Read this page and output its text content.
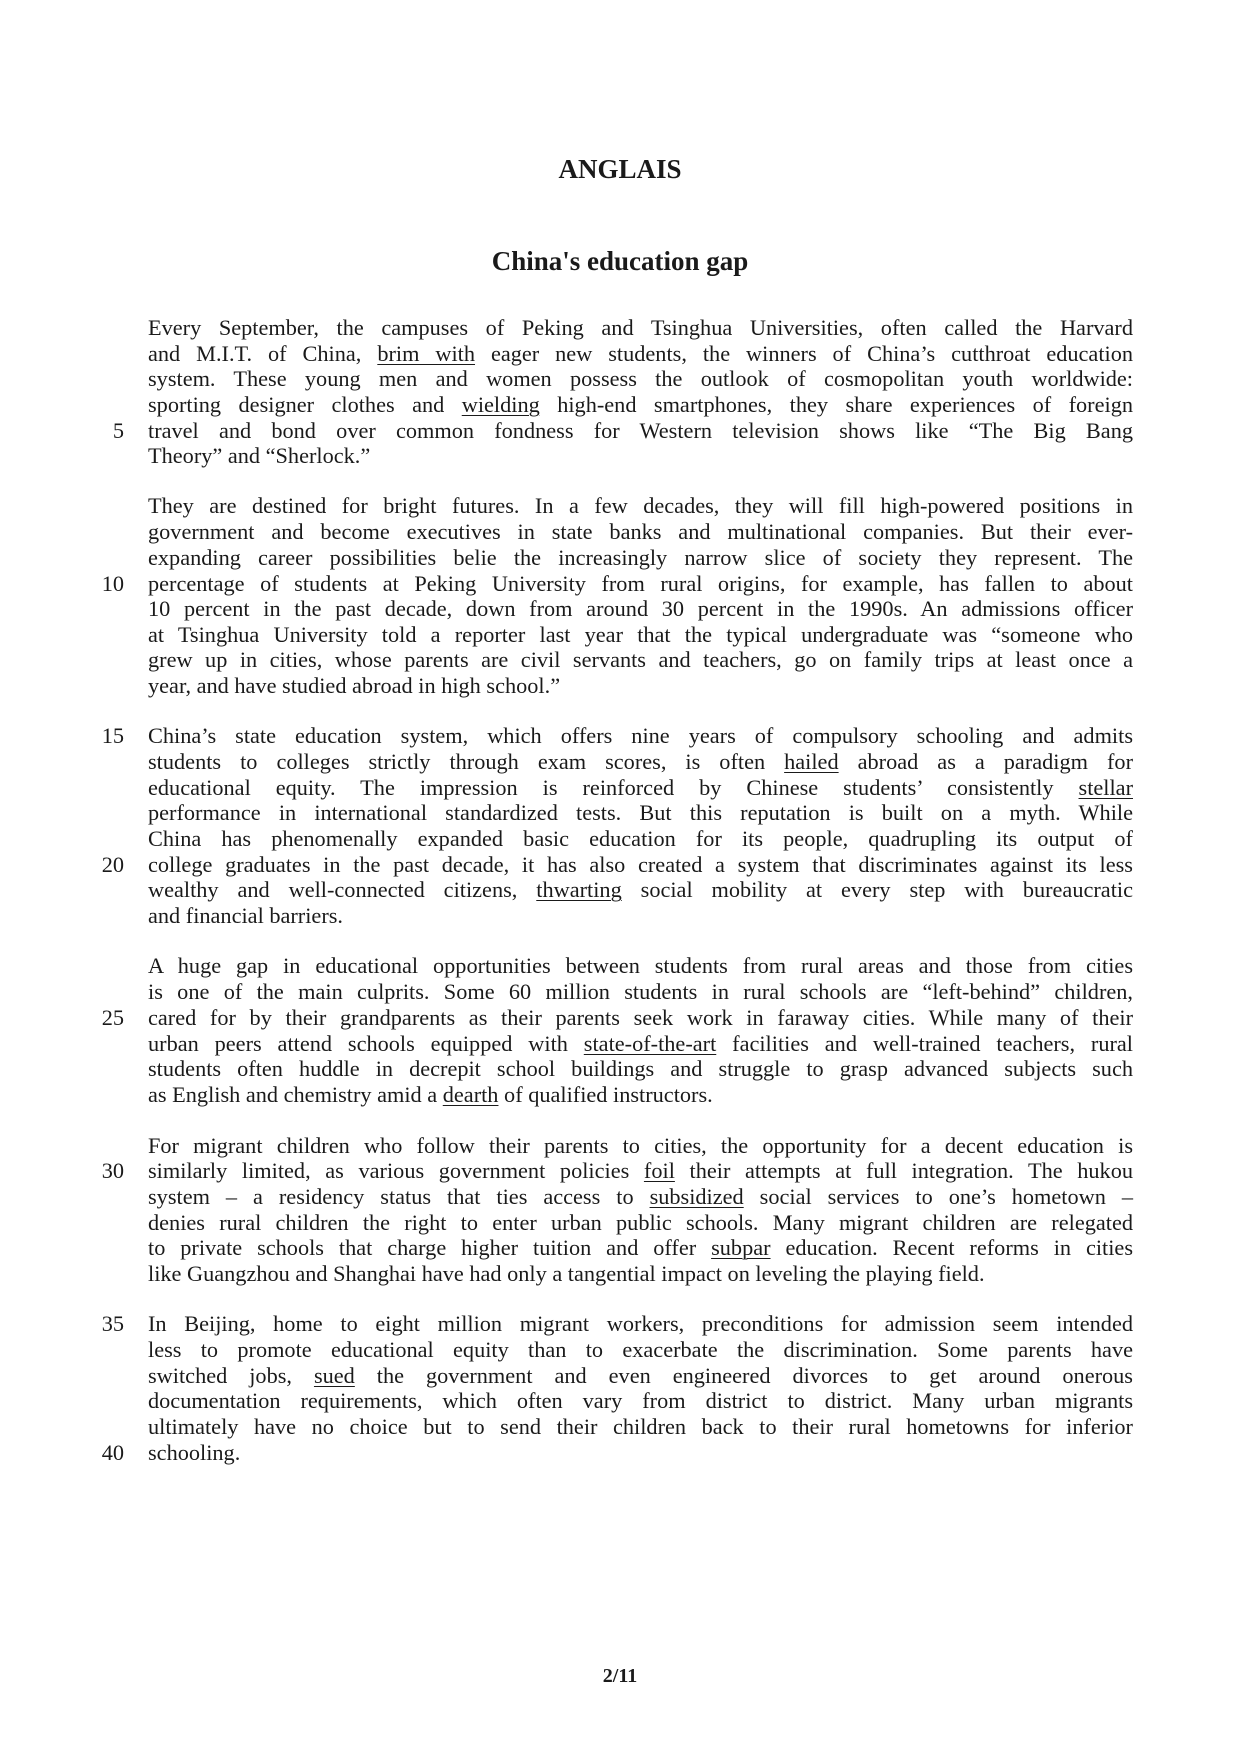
ANGLAIS
China's education gap
Every September, the campuses of Peking and Tsinghua Universities, often called the Harvard
and M.I.T. of China, brim with eager new students, the winners of China’s cutthroat education
system. These young men and women possess the outlook of cosmopolitan youth worldwide:
sporting designer clothes and wielding high-end smartphones, they share experiences of foreign
travel and bond over common fondness for Western television shows like “The Big Bang
Theory” and “Sherlock.”
They are destined for bright futures. In a few decades, they will fill high-powered positions in
government and become executives in state banks and multinational companies. But their ever-
expanding career possibilities belie the increasingly narrow slice of society they represent. The
percentage of students at Peking University from rural origins, for example, has fallen to about
10 percent in the past decade, down from around 30 percent in the 1990s. An admissions officer
at Tsinghua University told a reporter last year that the typical undergraduate was “someone who
grew up in cities, whose parents are civil servants and teachers, go on family trips at least once a
year, and have studied abroad in high school.”
China’s state education system, which offers nine years of compulsory schooling and admits
students to colleges strictly through exam scores, is often hailed abroad as a paradigm for
educational equity. The impression is reinforced by Chinese students’ consistently stellar
performance in international standardized tests. But this reputation is built on a myth. While
China has phenomenally expanded basic education for its people, quadrupling its output of
college graduates in the past decade, it has also created a system that discriminates against its less
wealthy and well-connected citizens, thwarting social mobility at every step with bureaucratic
and financial barriers.
A huge gap in educational opportunities between students from rural areas and those from cities
is one of the main culprits. Some 60 million students in rural schools are “left-behind” children,
cared for by their grandparents as their parents seek work in faraway cities. While many of their
urban peers attend schools equipped with state-of-the-art facilities and well-trained teachers, rural
students often huddle in decrepit school buildings and struggle to grasp advanced subjects such
as English and chemistry amid a dearth of qualified instructors.
For migrant children who follow their parents to cities, the opportunity for a decent education is
similarly limited, as various government policies foil their attempts at full integration. The hukou
system – a residency status that ties access to subsidized social services to one’s hometown –
denies rural children the right to enter urban public schools. Many migrant children are relegated
to private schools that charge higher tuition and offer subpar education. Recent reforms in cities
like Guangzhou and Shanghai have had only a tangential impact on leveling the playing field.
In Beijing, home to eight million migrant workers, preconditions for admission seem intended
less to promote educational equity than to exacerbate the discrimination. Some parents have
switched jobs, sued the government and even engineered divorces to get around onerous
documentation requirements, which often vary from district to district. Many urban migrants
ultimately have no choice but to send their children back to their rural hometowns for inferior
schooling.
5
10
15
20
25
30
35
40
2/11
